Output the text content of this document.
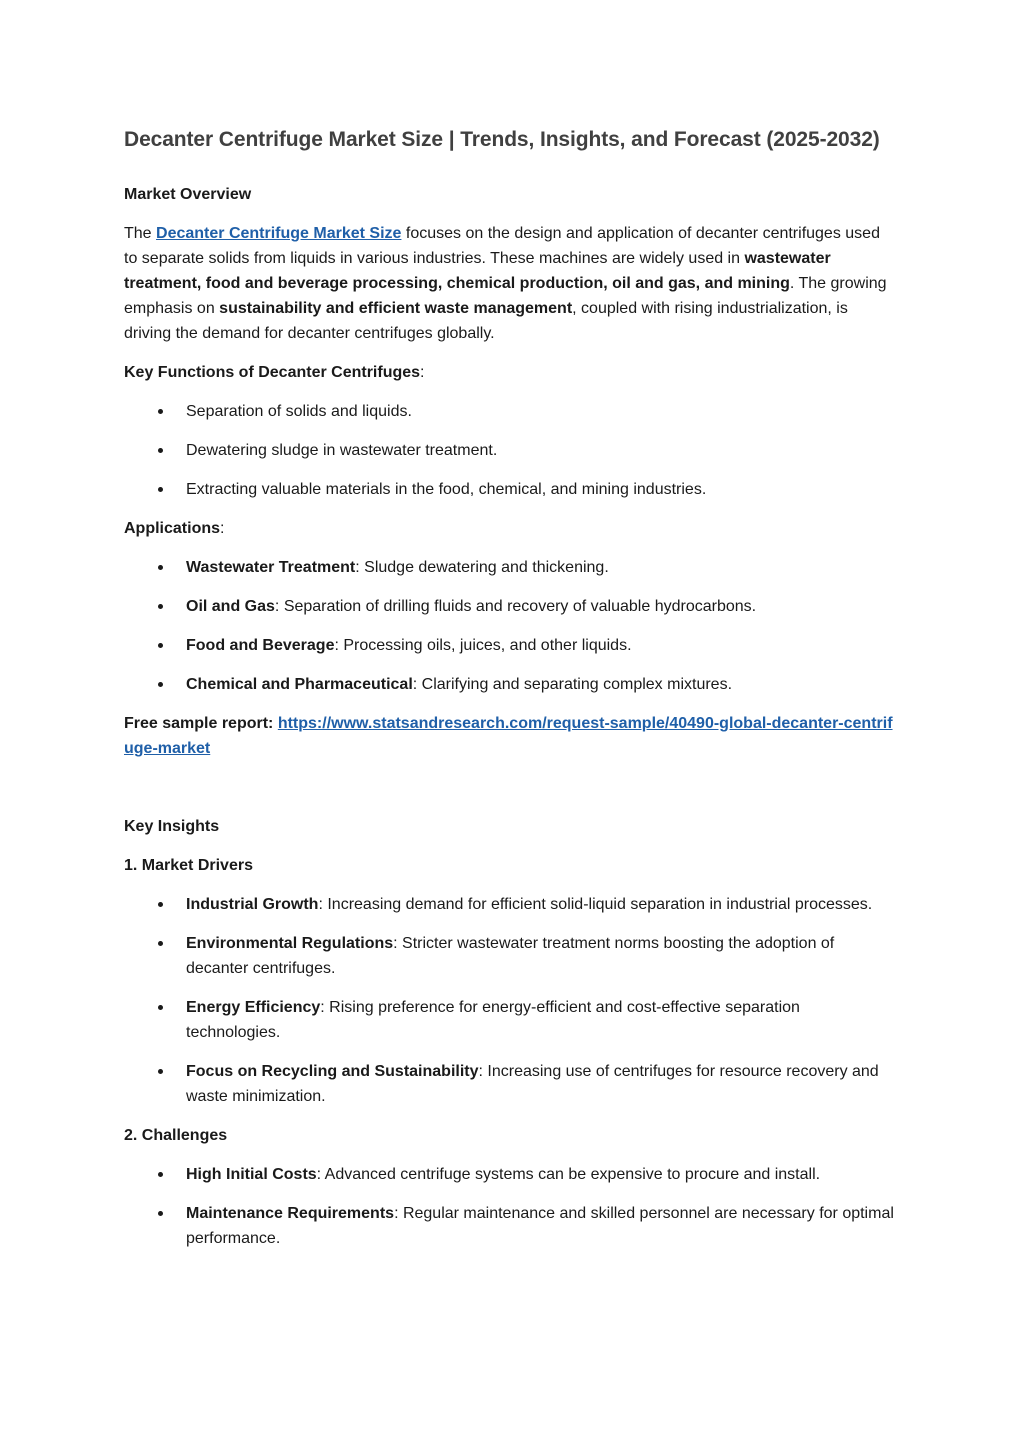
Decanter Centrifuge Market Size | Trends, Insights, and Forecast (2025-2032)

Market Overview

The Decanter Centrifuge Market Size focuses on the design and application of decanter centrifuges used to separate solids from liquids in various industries. These machines are widely used in wastewater treatment, food and beverage processing, chemical production, oil and gas, and mining. The growing emphasis on sustainability and efficient waste management, coupled with rising industrialization, is driving the demand for decanter centrifuges globally.

Key Functions of Decanter Centrifuges:

Separation of solids and liquids.
Dewatering sludge in wastewater treatment.
Extracting valuable materials in the food, chemical, and mining industries.

Applications:

Wastewater Treatment: Sludge dewatering and thickening.
Oil and Gas: Separation of drilling fluids and recovery of valuable hydrocarbons.
Food and Beverage: Processing oils, juices, and other liquids.
Chemical and Pharmaceutical: Clarifying and separating complex mixtures.

Free sample report: https://www.statsandresearch.com/request-sample/40490-global-decanter-centrifuge-market

Key Insights

1. Market Drivers

Industrial Growth: Increasing demand for efficient solid-liquid separation in industrial processes.
Environmental Regulations: Stricter wastewater treatment norms boosting the adoption of decanter centrifuges.
Energy Efficiency: Rising preference for energy-efficient and cost-effective separation technologies.
Focus on Recycling and Sustainability: Increasing use of centrifuges for resource recovery and waste minimization.

2. Challenges

High Initial Costs: Advanced centrifuge systems can be expensive to procure and install.
Maintenance Requirements: Regular maintenance and skilled personnel are necessary for optimal performance.
